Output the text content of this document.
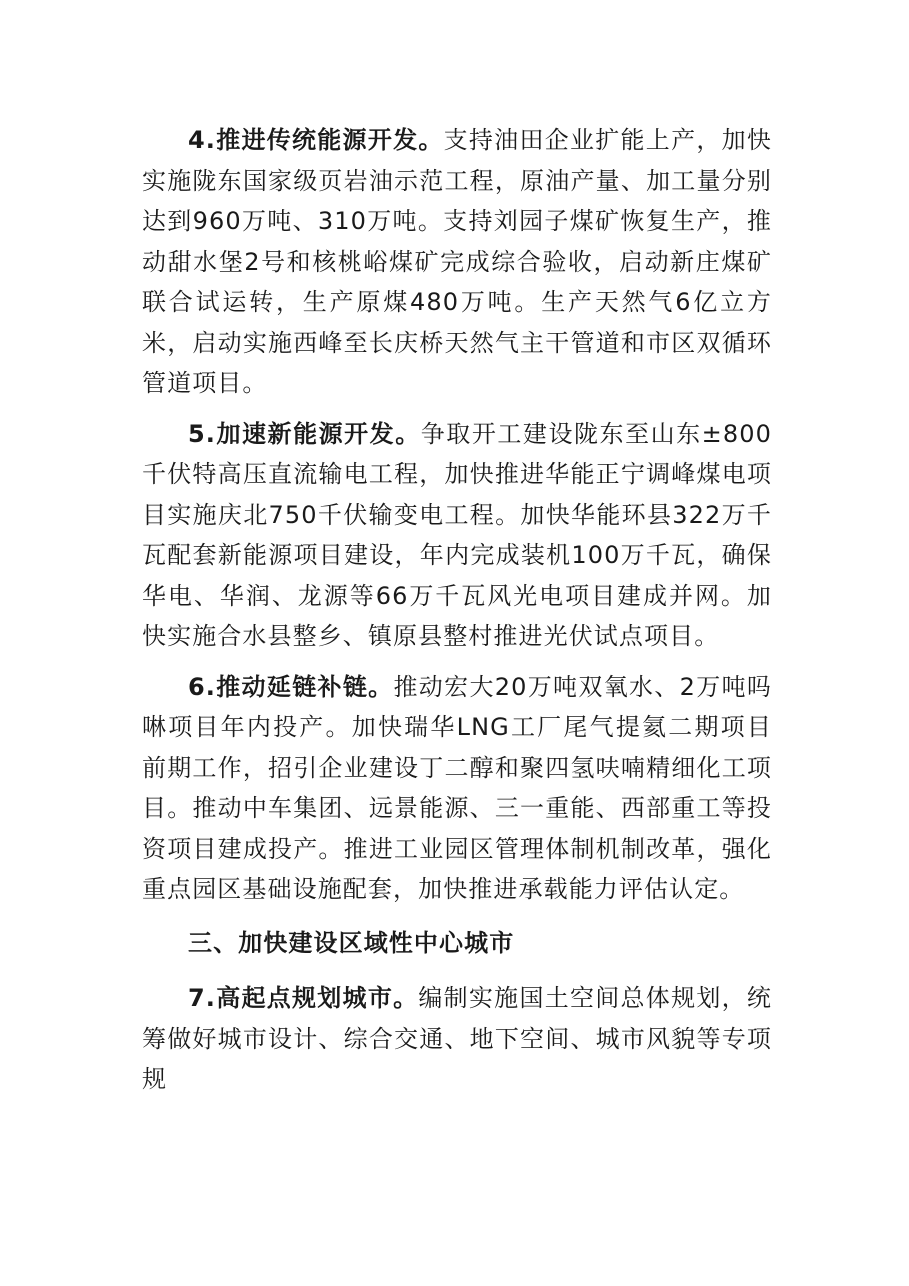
4.推进传统能源开发。支持油田企业扩能上产，加快实施陇东国家级页岩油示范工程，原油产量、加工量分别达到960万吨、310万吨。支持刘园子煤矿恢复生产，推动甜水堡2号和核桃峪煤矿完成综合验收，启动新庄煤矿联合试运转，生产原煤480万吨。生产天然气6亿立方米，启动实施西峰至长庆桥天然气主干管道和市区双循环管道项目。

5.加速新能源开发。争取开工建设陇东至山东±800千伏特高压直流输电工程，加快推进华能正宁调峰煤电项目实施庆北750千伏输变电工程。加快华能环县322万千瓦配套新能源项目建设，年内完成装机100万千瓦，确保华电、华润、龙源等66万千瓦风光电项目建成并网。加快实施合水县整乡、镇原县整村推进光伏试点项目。

6.推动延链补链。推动宏大20万吨双氧水、2万吨吗啉项目年内投产。加快瑞华LNG工厂尾气提氦二期项目前期工作，招引企业建设丁二醇和聚四氢呋喃精细化工项目。推动中车集团、远景能源、三一重能、西部重工等投资项目建成投产。推进工业园区管理体制机制改革，强化重点园区基础设施配套，加快推进承载能力评估认定。

三、加快建设区域性中心城市

7.高起点规划城市。编制实施国土空间总体规划，统筹做好城市设计、综合交通、地下空间、城市风貌等专项规
